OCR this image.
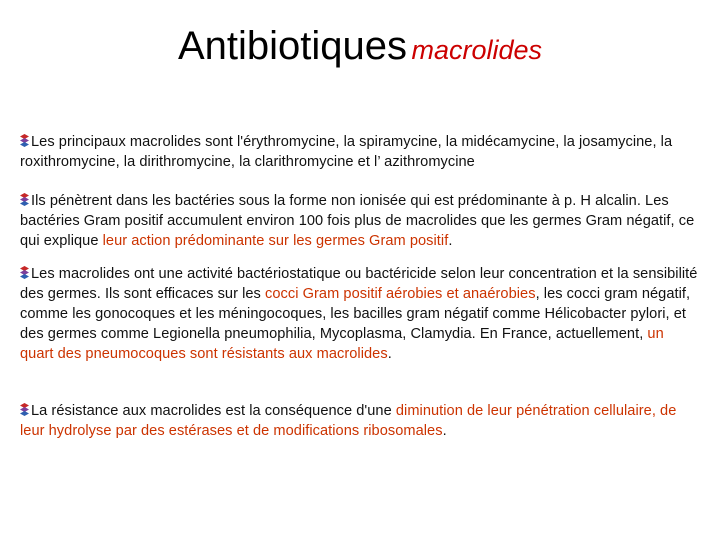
Antibiotiques macrolides

Les principaux macrolides sont l'érythromycine, la spiramycine, la midécamycine, la josamycine, la roxithromycine, la dirithromycine, la clarithromycine et l’ azithromycine

Ils pénètrent dans les bactéries sous la forme non ionisée qui est prédominante à p. H alcalin. Les bactéries Gram positif accumulent environ 100 fois plus de macrolides que les germes Gram négatif, ce qui explique leur action prédominante sur les germes Gram positif.

Les macrolides ont une activité bactériostatique ou bactéricide selon leur concentration et la sensibilité des germes. Ils sont efficaces sur les cocci Gram positif aérobies et anaérobies, les cocci gram négatif, comme les gonocoques et les méningocoques, les bacilles gram négatif comme Hélicobacter pylori, et des germes comme Legionella pneumophilia, Mycoplasma, Clamydia. En France, actuellement, un quart des pneumocoques sont résistants aux macrolides.

La résistance aux macrolides est la conséquence d'une diminution de leur pénétration cellulaire, de leur hydrolyse par des estérases et de modifications ribosomales.
